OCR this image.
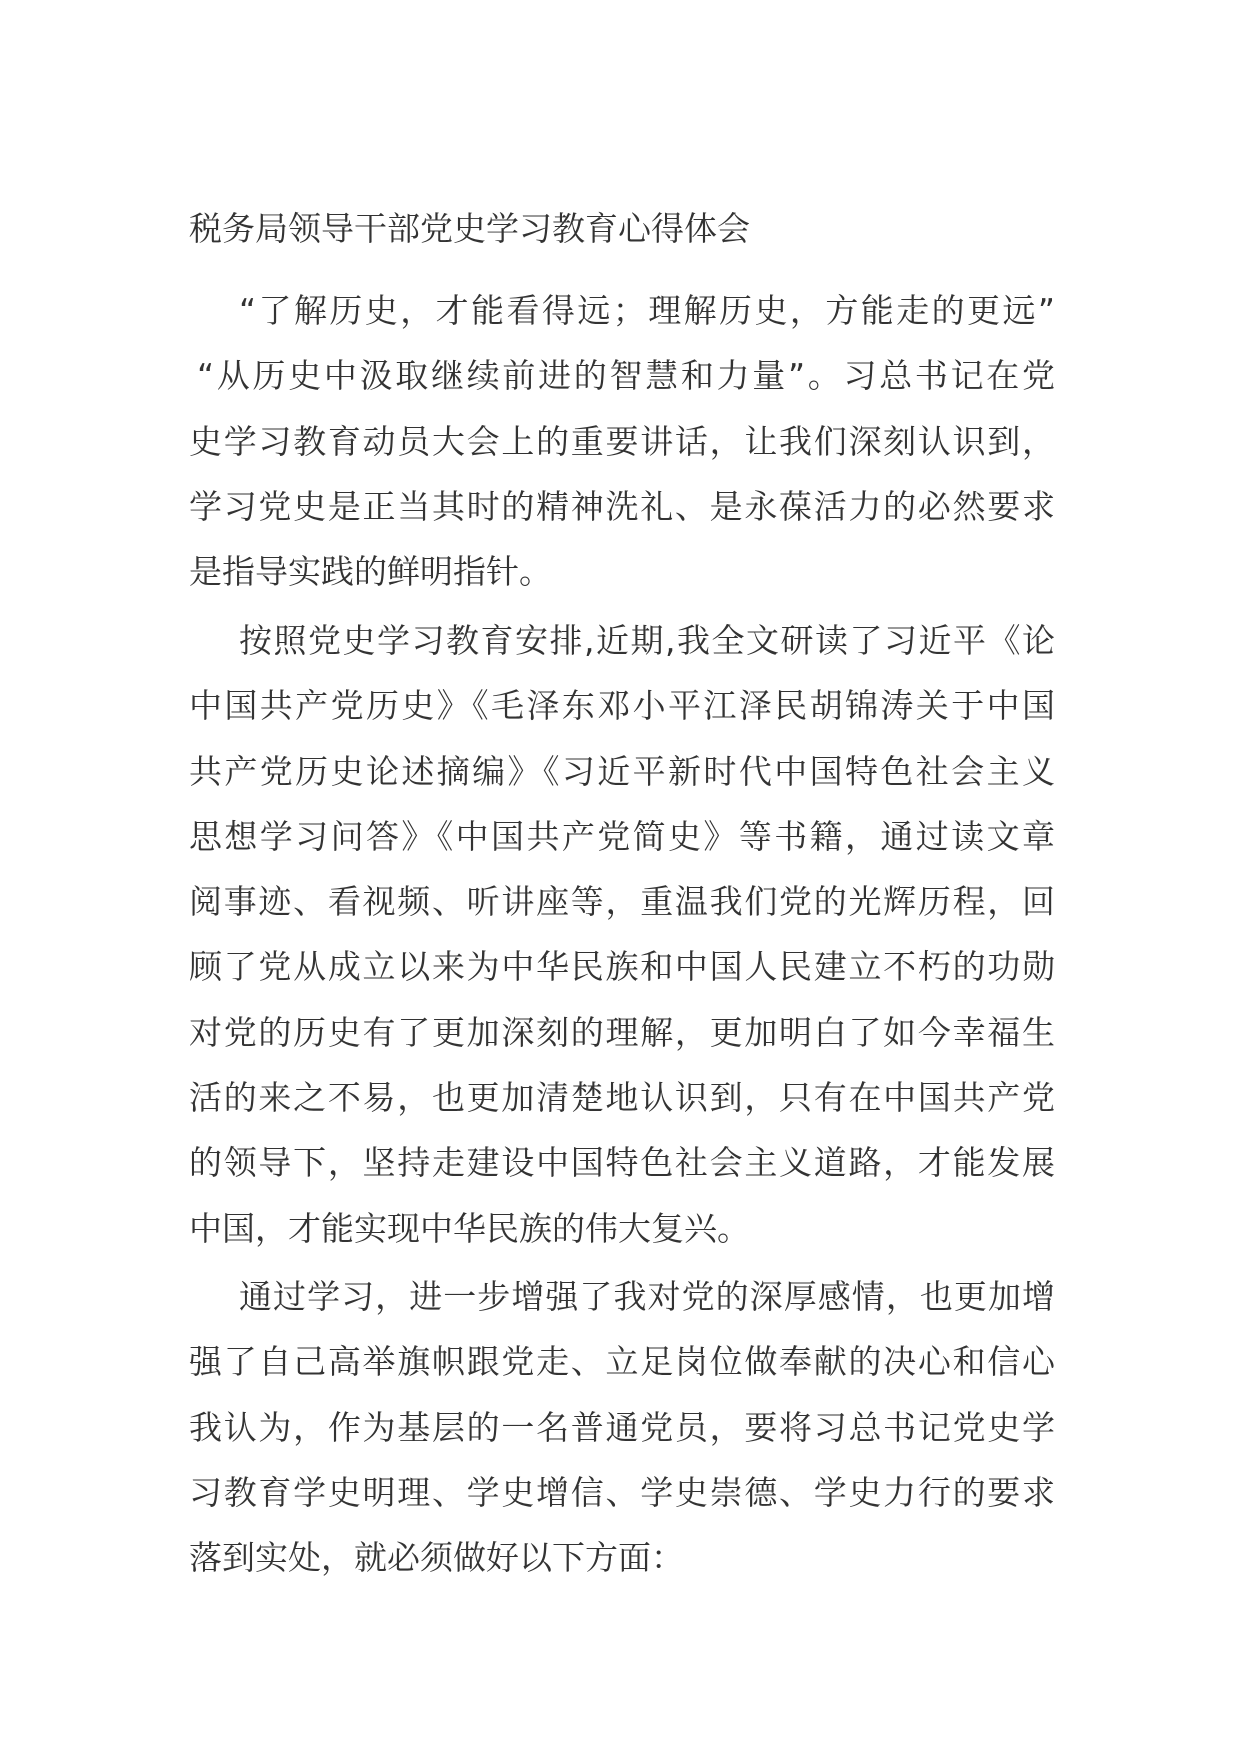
税务局领导干部党史学习教育心得体会
“了解历史，才能看得远；理解历史，方能走的更远”
“从历史中汲取继续前进的智慧和力量”。习总书记在党
史学习教育动员大会上的重要讲话，让我们深刻认识到，
学习党史是正当其时的精神洗礼、是永葆活力的必然要求
是指导实践的鲜明指针。
按照党史学习教育安排,近期,我全文研读了习近平《论
中国共产党历史》《毛泽东邓小平江泽民胡锦涛关于中国
共产党历史论述摘编》《习近平新时代中国特色社会主义
思想学习问答》《中国共产党简史》等书籍，通过读文章
阅事迹、看视频、听讲座等，重温我们党的光辉历程，回
顾了党从成立以来为中华民族和中国人民建立不朽的功勋
对党的历史有了更加深刻的理解，更加明白了如今幸福生
活的来之不易，也更加清楚地认识到，只有在中国共产党
的领导下，坚持走建设中国特色社会主义道路，才能发展
中国，才能实现中华民族的伟大复兴。
通过学习，进一步增强了我对党的深厚感情，也更加增
强了自己高举旗帜跟党走、立足岗位做奉献的决心和信心
我认为，作为基层的一名普通党员，要将习总书记党史学
习教育学史明理、学史增信、学史崇德、学史力行的要求
落到实处，就必须做好以下方面：
